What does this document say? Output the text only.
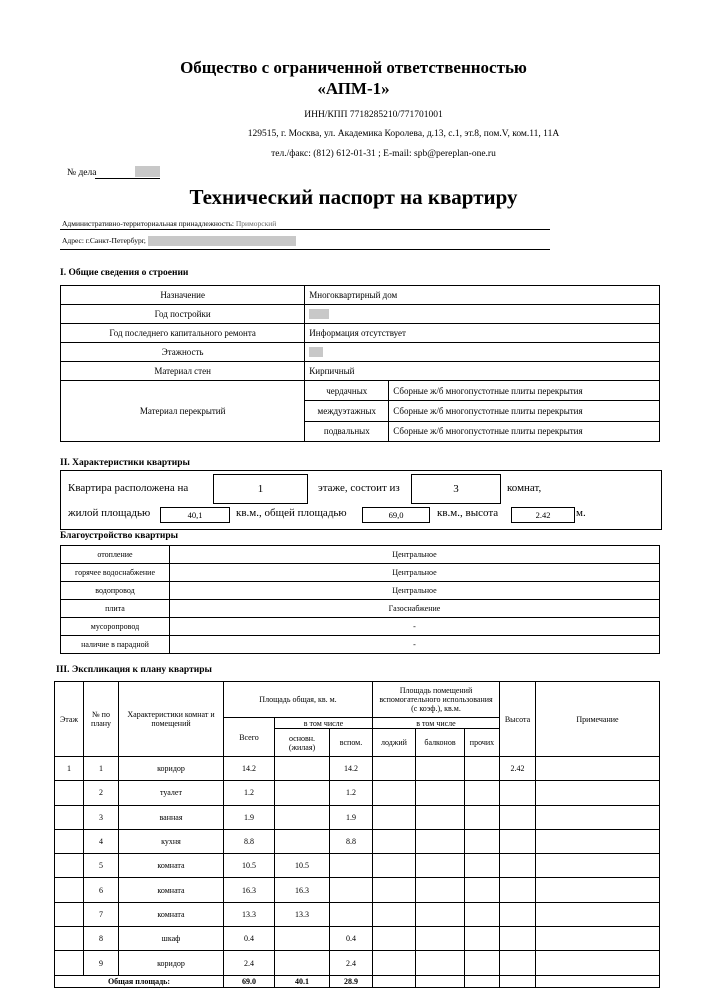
Общество с ограниченной ответственностью
«АПМ-1»
ИНН/КПП 7718285210/771701001
129515, г. Москва, ул. Академика Королева, д.13, с.1, эт.8, пом.V, ком.11, 11А
тел./факс: (812) 612-01-31 ; E-mail: spb@pereplan-one.ru
№ дела
Технический паспорт на квартиру
Административно-территориальная принадлежность: Приморский
Адрес: г.Санкт-Петербург,
I. Общие сведения о строении
Назначение	Многоквартирный дом	
Год постройки		
Год последнего капитального ремонта	Информация отсутствует	
Этажность		
Материал стен	Кирпичный	
Материал перекрытий	чердачных	Сборные ж/б многопустотные плиты перекрытия
	междуэтажных	Сборные ж/б многопустотные плиты перекрытия
	подвальных	Сборные ж/б многопустотные плиты перекрытия
II. Характеристики квартиры
Квартира расположена на	1	этаже, состоит из	3	комнат,
жилой площадью	40,1	кв.м., общей площадью	69,0	кв.м., высота	2.42	м.
Благоустройство квартиры
отопление	Центральное
горячее водоснабжение	Центральное
водопровод	Центральное
плита	Газоснабжение
мусоропровод	-
наличие в парадной	-
III. Экспликация к плану квартиры
Этаж	№ по плану	Характеристики комнат и помещений	Площадь общая, кв. м.			Площадь помещений вспомогательного использования (с коэф.), кв.м.			Высота	Примечание
			Всего	в том числе		в том числе				
				основн. (жилая)	вспом.	лоджий	балконов	прочих		
1	1	коридор	14.2		14.2				2.42	
	2	туалет	1.2		1.2					
	3	ванная	1.9		1.9					
	4	кухня	8.8		8.8					
	5	комната	10.5	10.5						
	6	комната	16.3	16.3						
	7	комната	13.3	13.3						
	8	шкаф	0.4		0.4					
	9	коридор	2.4		2.4					
Общая площадь:			69.0	40.1	28.9					
